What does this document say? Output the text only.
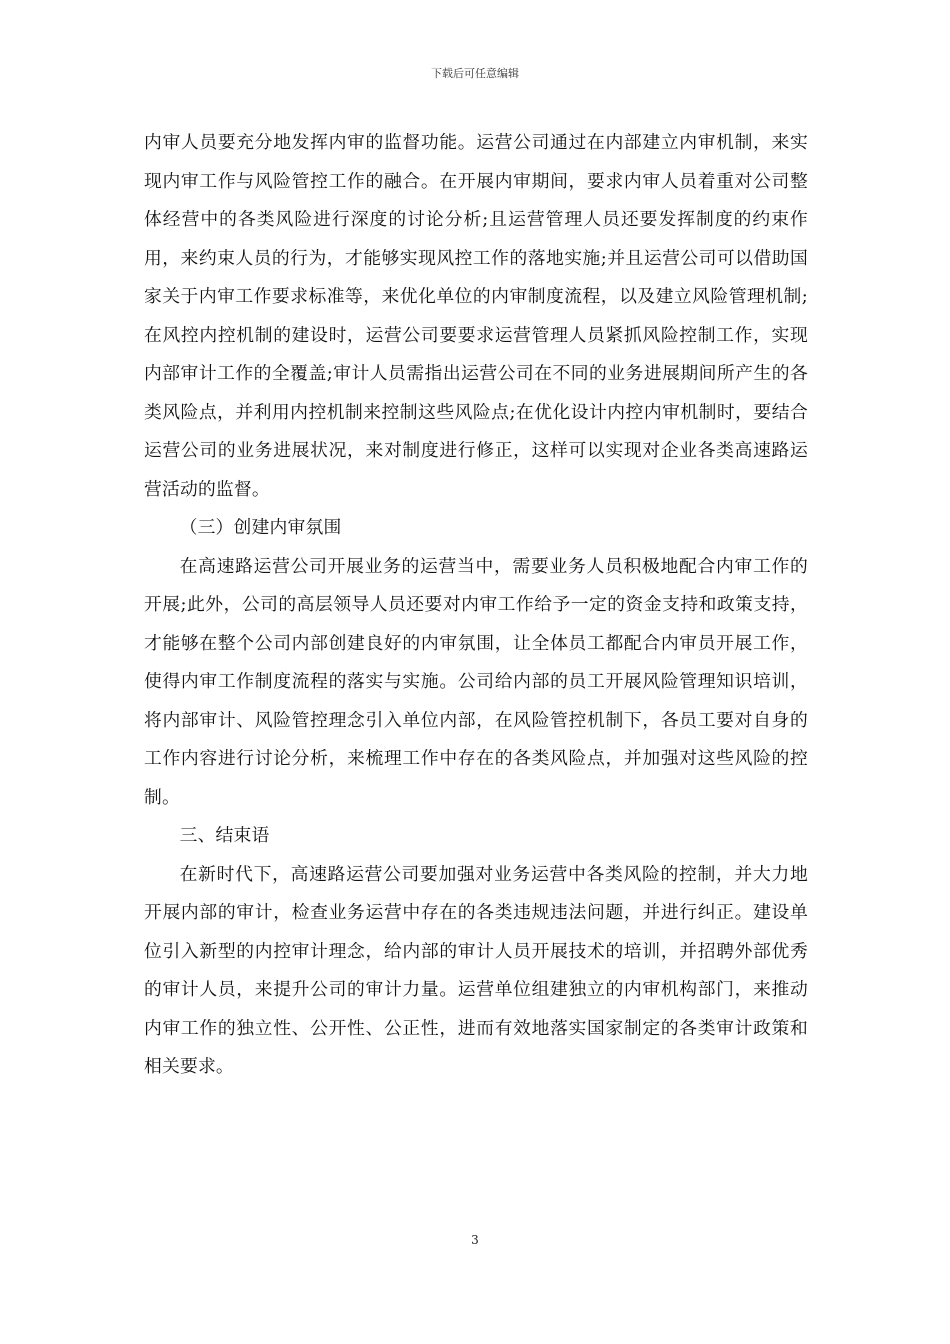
下载后可任意编辑

内审人员要充分地发挥内审的监督功能。运营公司通过在内部建立内审机制，来实现内审工作与风险管控工作的融合。在开展内审期间，要求内审人员着重对公司整体经营中的各类风险进行深度的讨论分析;且运营管理人员还要发挥制度的约束作用，来约束人员的行为，才能够实现风控工作的落地实施;并且运营公司可以借助国家关于内审工作要求标准等，来优化单位的内审制度流程，以及建立风险管理机制;在风控内控机制的建设时，运营公司要要求运营管理人员紧抓风险控制工作，实现内部审计工作的全覆盖;审计人员需指出运营公司在不同的业务进展期间所产生的各类风险点，并利用内控机制来控制这些风险点;在优化设计内控内审机制时，要结合运营公司的业务进展状况，来对制度进行修正，这样可以实现对企业各类高速路运营活动的监督。

（三）创建内审氛围

在高速路运营公司开展业务的运营当中，需要业务人员积极地配合内审工作的开展;此外，公司的高层领导人员还要对内审工作给予一定的资金支持和政策支持，才能够在整个公司内部创建良好的内审氛围，让全体员工都配合内审员开展工作，使得内审工作制度流程的落实与实施。公司给内部的员工开展风险管理知识培训，将内部审计、风险管控理念引入单位内部，在风险管控机制下，各员工要对自身的工作内容进行讨论分析，来梳理工作中存在的各类风险点，并加强对这些风险的控制。

三、结束语

在新时代下，高速路运营公司要加强对业务运营中各类风险的控制，并大力地开展内部的审计，检查业务运营中存在的各类违规违法问题，并进行纠正。建设单位引入新型的内控审计理念，给内部的审计人员开展技术的培训，并招聘外部优秀的审计人员，来提升公司的审计力量。运营单位组建独立的内审机构部门，来推动内审工作的独立性、公开性、公正性，进而有效地落实国家制定的各类审计政策和相关要求。

3
